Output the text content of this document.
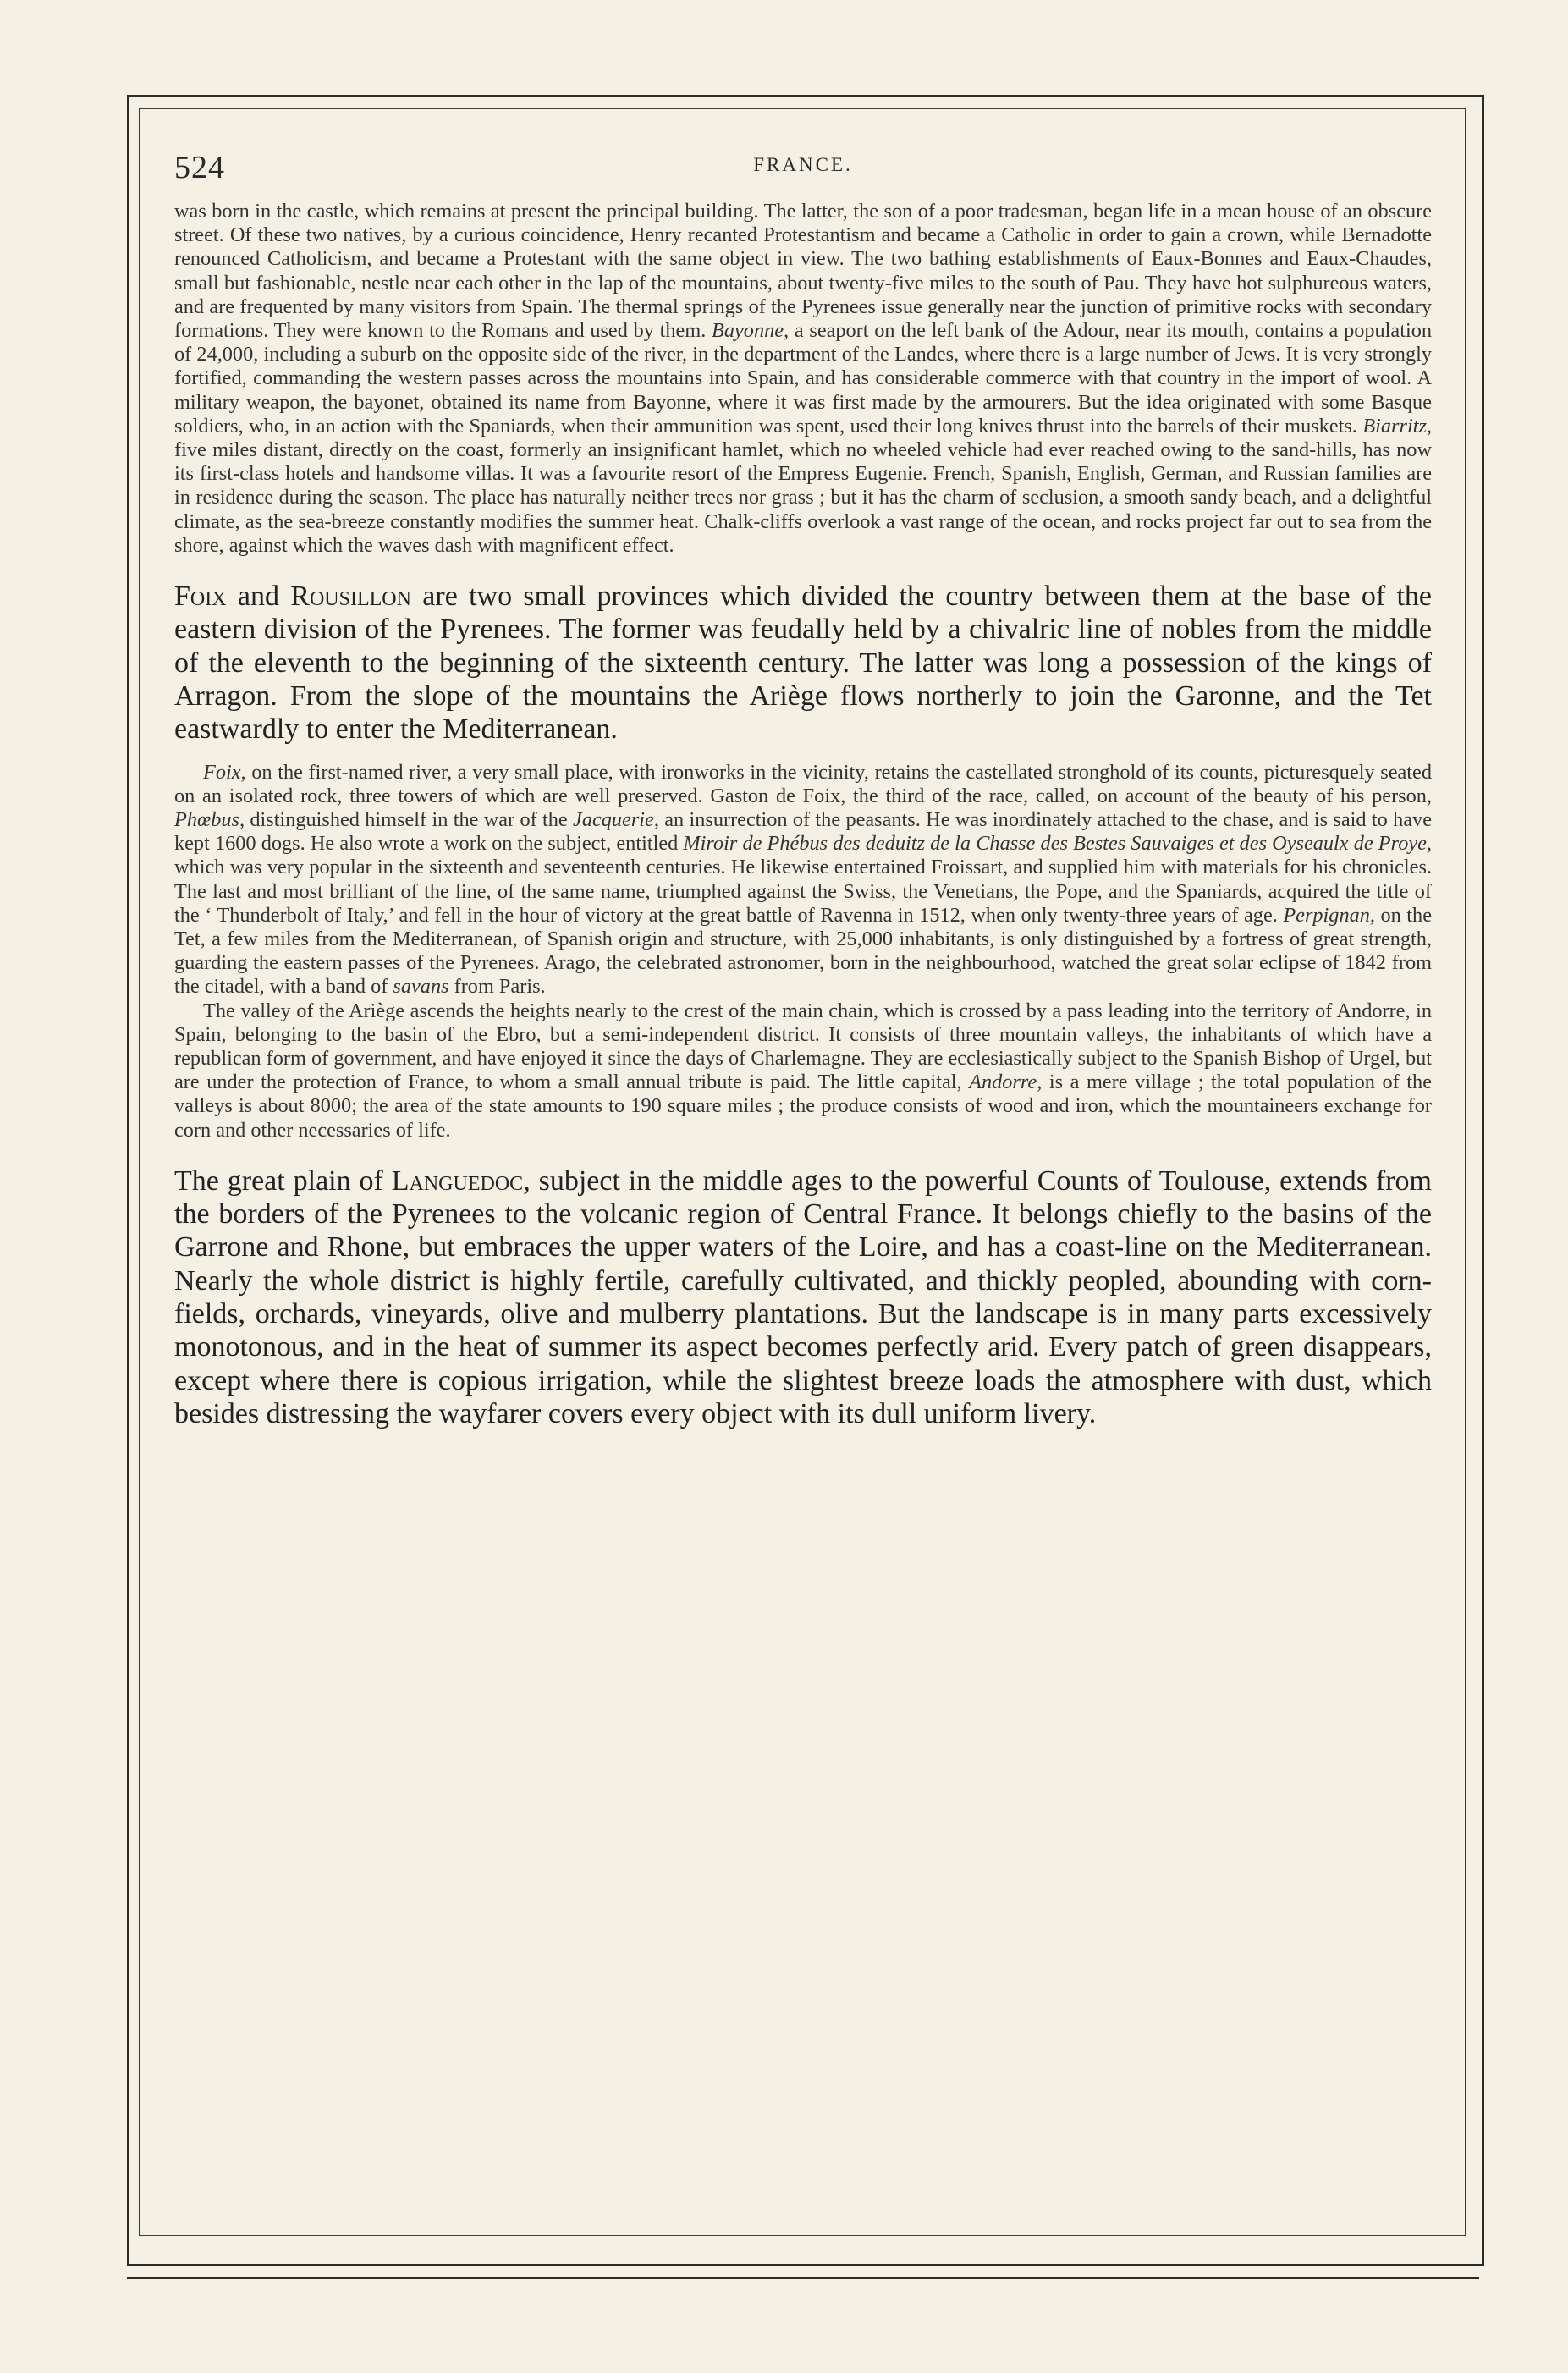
524	FRANCE.

was born in the castle, which remains at present the principal building. The latter, the son of a poor tradesman, began life in a mean house of an obscure street. Of these two natives, by a curious coincidence, Henry recanted Protestantism and became a Catholic in order to gain a crown, while Bernadotte renounced Catholicism, and became a Protestant with the same object in view. The two bathing establishments of Eaux-Bonnes and Eaux-Chaudes, small but fashionable, nestle near each other in the lap of the mountains, about twenty-five miles to the south of Pau. They have hot sulphureous waters, and are frequented by many visitors from Spain. The thermal springs of the Pyrenees issue generally near the junction of primitive rocks with secondary formations. They were known to the Romans and used by them. Bayonne, a seaport on the left bank of the Adour, near its mouth, contains a population of 24,000, including a suburb on the opposite side of the river, in the department of the Landes, where there is a large number of Jews. It is very strongly fortified, commanding the western passes across the mountains into Spain, and has considerable commerce with that country in the import of wool. A military weapon, the bayonet, obtained its name from Bayonne, where it was first made by the armourers. But the idea originated with some Basque soldiers, who, in an action with the Spaniards, when their ammunition was spent, used their long knives thrust into the barrels of their muskets. Biarritz, five miles distant, directly on the coast, formerly an insignificant hamlet, which no wheeled vehicle had ever reached owing to the sand-hills, has now its first-class hotels and handsome villas. It was a favourite resort of the Empress Eugenie. French, Spanish, English, German, and Russian families are in residence during the season. The place has naturally neither trees nor grass ; but it has the charm of seclusion, a smooth sandy beach, and a delightful climate, as the sea-breeze constantly modifies the summer heat. Chalk-cliffs overlook a vast range of the ocean, and rocks project far out to sea from the shore, against which the waves dash with magnificent effect.

Foix and Rousillon are two small provinces which divided the country between them at the base of the eastern division of the Pyrenees. The former was feudally held by a chivalric line of nobles from the middle of the eleventh to the beginning of the sixteenth century. The latter was long a possession of the kings of Arragon. From the slope of the mountains the Ariège flows northerly to join the Garonne, and the Tet eastwardly to enter the Mediterranean.

Foix, on the first-named river, a very small place, with ironworks in the vicinity, retains the castellated stronghold of its counts, picturesquely seated on an isolated rock, three towers of which are well preserved. Gaston de Foix, the third of the race, called, on account of the beauty of his person, Phœbus, distinguished himself in the war of the Jacquerie, an insurrection of the peasants. He was inordinately attached to the chase, and is said to have kept 1600 dogs. He also wrote a work on the subject, entitled Miroir de Phébus des deduitz de la Chasse des Bestes Sauvaiges et des Oyseaulx de Proye, which was very popular in the sixteenth and seventeenth centuries. He likewise entertained Froissart, and supplied him with materials for his chronicles. The last and most brilliant of the line, of the same name, triumphed against the Swiss, the Venetians, the Pope, and the Spaniards, acquired the title of the ‘ Thunderbolt of Italy,’ and fell in the hour of victory at the great battle of Ravenna in 1512, when only twenty-three years of age. Perpignan, on the Tet, a few miles from the Mediterranean, of Spanish origin and structure, with 25,000 inhabitants, is only distinguished by a fortress of great strength, guarding the eastern passes of the Pyrenees. Arago, the celebrated astronomer, born in the neighbourhood, watched the great solar eclipse of 1842 from the citadel, with a band of savans from Paris.

The valley of the Ariège ascends the heights nearly to the crest of the main chain, which is crossed by a pass leading into the territory of Andorre, in Spain, belonging to the basin of the Ebro, but a semi-independent district. It consists of three mountain valleys, the inhabitants of which have a republican form of government, and have enjoyed it since the days of Charlemagne. They are ecclesiastically subject to the Spanish Bishop of Urgel, but are under the protection of France, to whom a small annual tribute is paid. The little capital, Andorre, is a mere village ; the total population of the valleys is about 8000; the area of the state amounts to 190 square miles ; the produce consists of wood and iron, which the mountaineers exchange for corn and other necessaries of life.

The great plain of Languedoc, subject in the middle ages to the powerful Counts of Toulouse, extends from the borders of the Pyrenees to the volcanic region of Central France. It belongs chiefly to the basins of the Garrone and Rhone, but embraces the upper waters of the Loire, and has a coast-line on the Mediterranean. Nearly the whole district is highly fertile, carefully cultivated, and thickly peopled, abounding with corn-fields, orchards, vineyards, olive and mulberry plantations. But the landscape is in many parts excessively monotonous, and in the heat of summer its aspect becomes perfectly arid. Every patch of green disappears, except where there is copious irrigation, while the slightest breeze loads the atmosphere with dust, which besides distressing the wayfarer covers every object with its dull uniform livery.
